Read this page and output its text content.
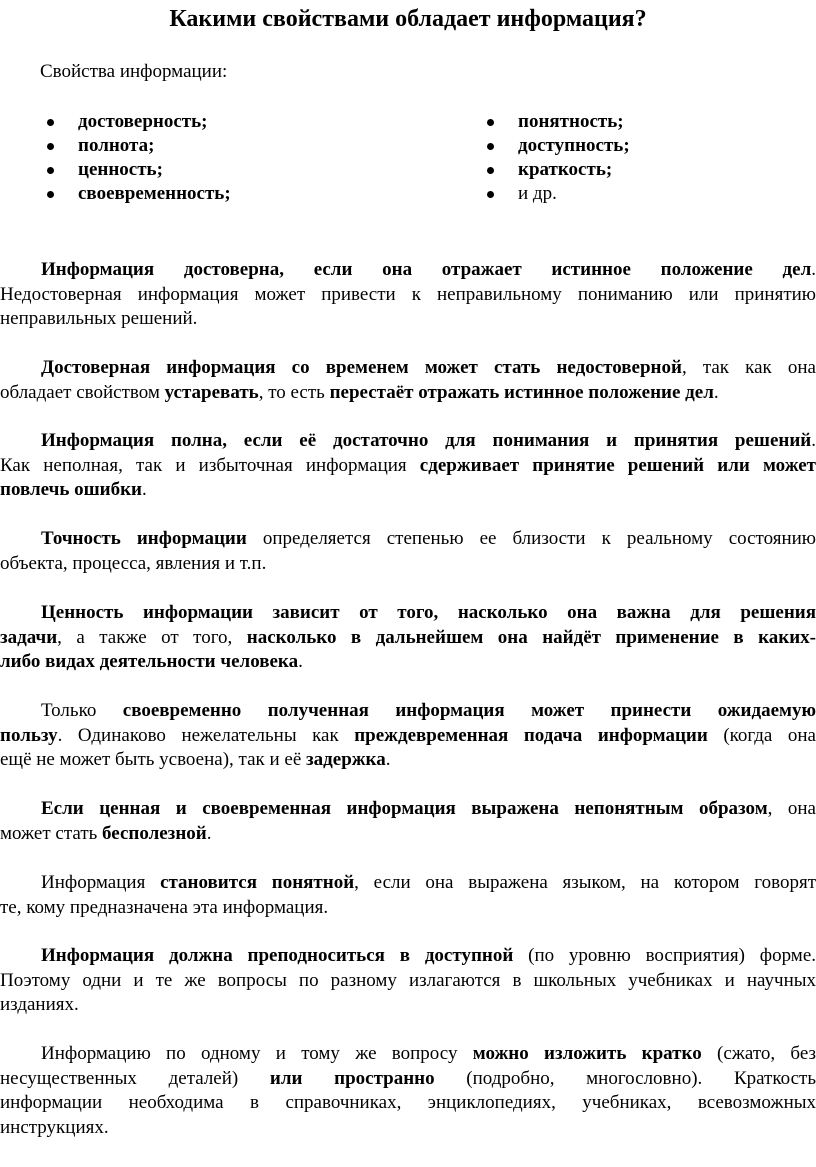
Какими свойствами обладает информация?

Свойства информации:

достоверность;
полнота;
ценность;
своевременность;
понятность;
доступность;
краткость;
и др.
Информация достоверна, если она отражает истинное положение дел.
Недостоверная информация может привести к неправильному пониманию или принятию
неправильных решений.
Достоверная информация со временем может стать недостоверной, так как она
обладает свойством устаревать, то есть перестаёт отражать истинное положение дел.
Информация полна, если её достаточно для понимания и принятия решений.
Как неполная, так и избыточная информация сдерживает принятие решений или может
повлечь ошибки.
Точность информации определяется степенью ее близости к реальному состоянию
объекта, процесса, явления и т.п.
Ценность информации зависит от того, насколько она важна для решения
задачи, а также от того, насколько в дальнейшем она найдёт применение в каких-
либо видах деятельности человека.
Только своевременно полученная информация может принести ожидаемую
пользу. Одинаково нежелательны как преждевременная подача информации (когда она
ещё не может быть усвоена), так и её задержка.
Если ценная и своевременная информация выражена непонятным образом, она
может стать бесполезной.
Информация становится понятной, если она выражена языком, на котором говорят
те, кому предназначена эта информация.
Информация должна преподноситься в доступной (по уровню восприятия) форме.
Поэтому одни и те же вопросы по разному излагаются в школьных учебниках и научных
изданиях.
Информацию по одному и тому же вопросу можно изложить кратко (сжато, без
несущественных деталей) или пространно (подробно, многословно). Краткость
информации необходима в справочниках, энциклопедиях, учебниках, всевозможных
инструкциях.
